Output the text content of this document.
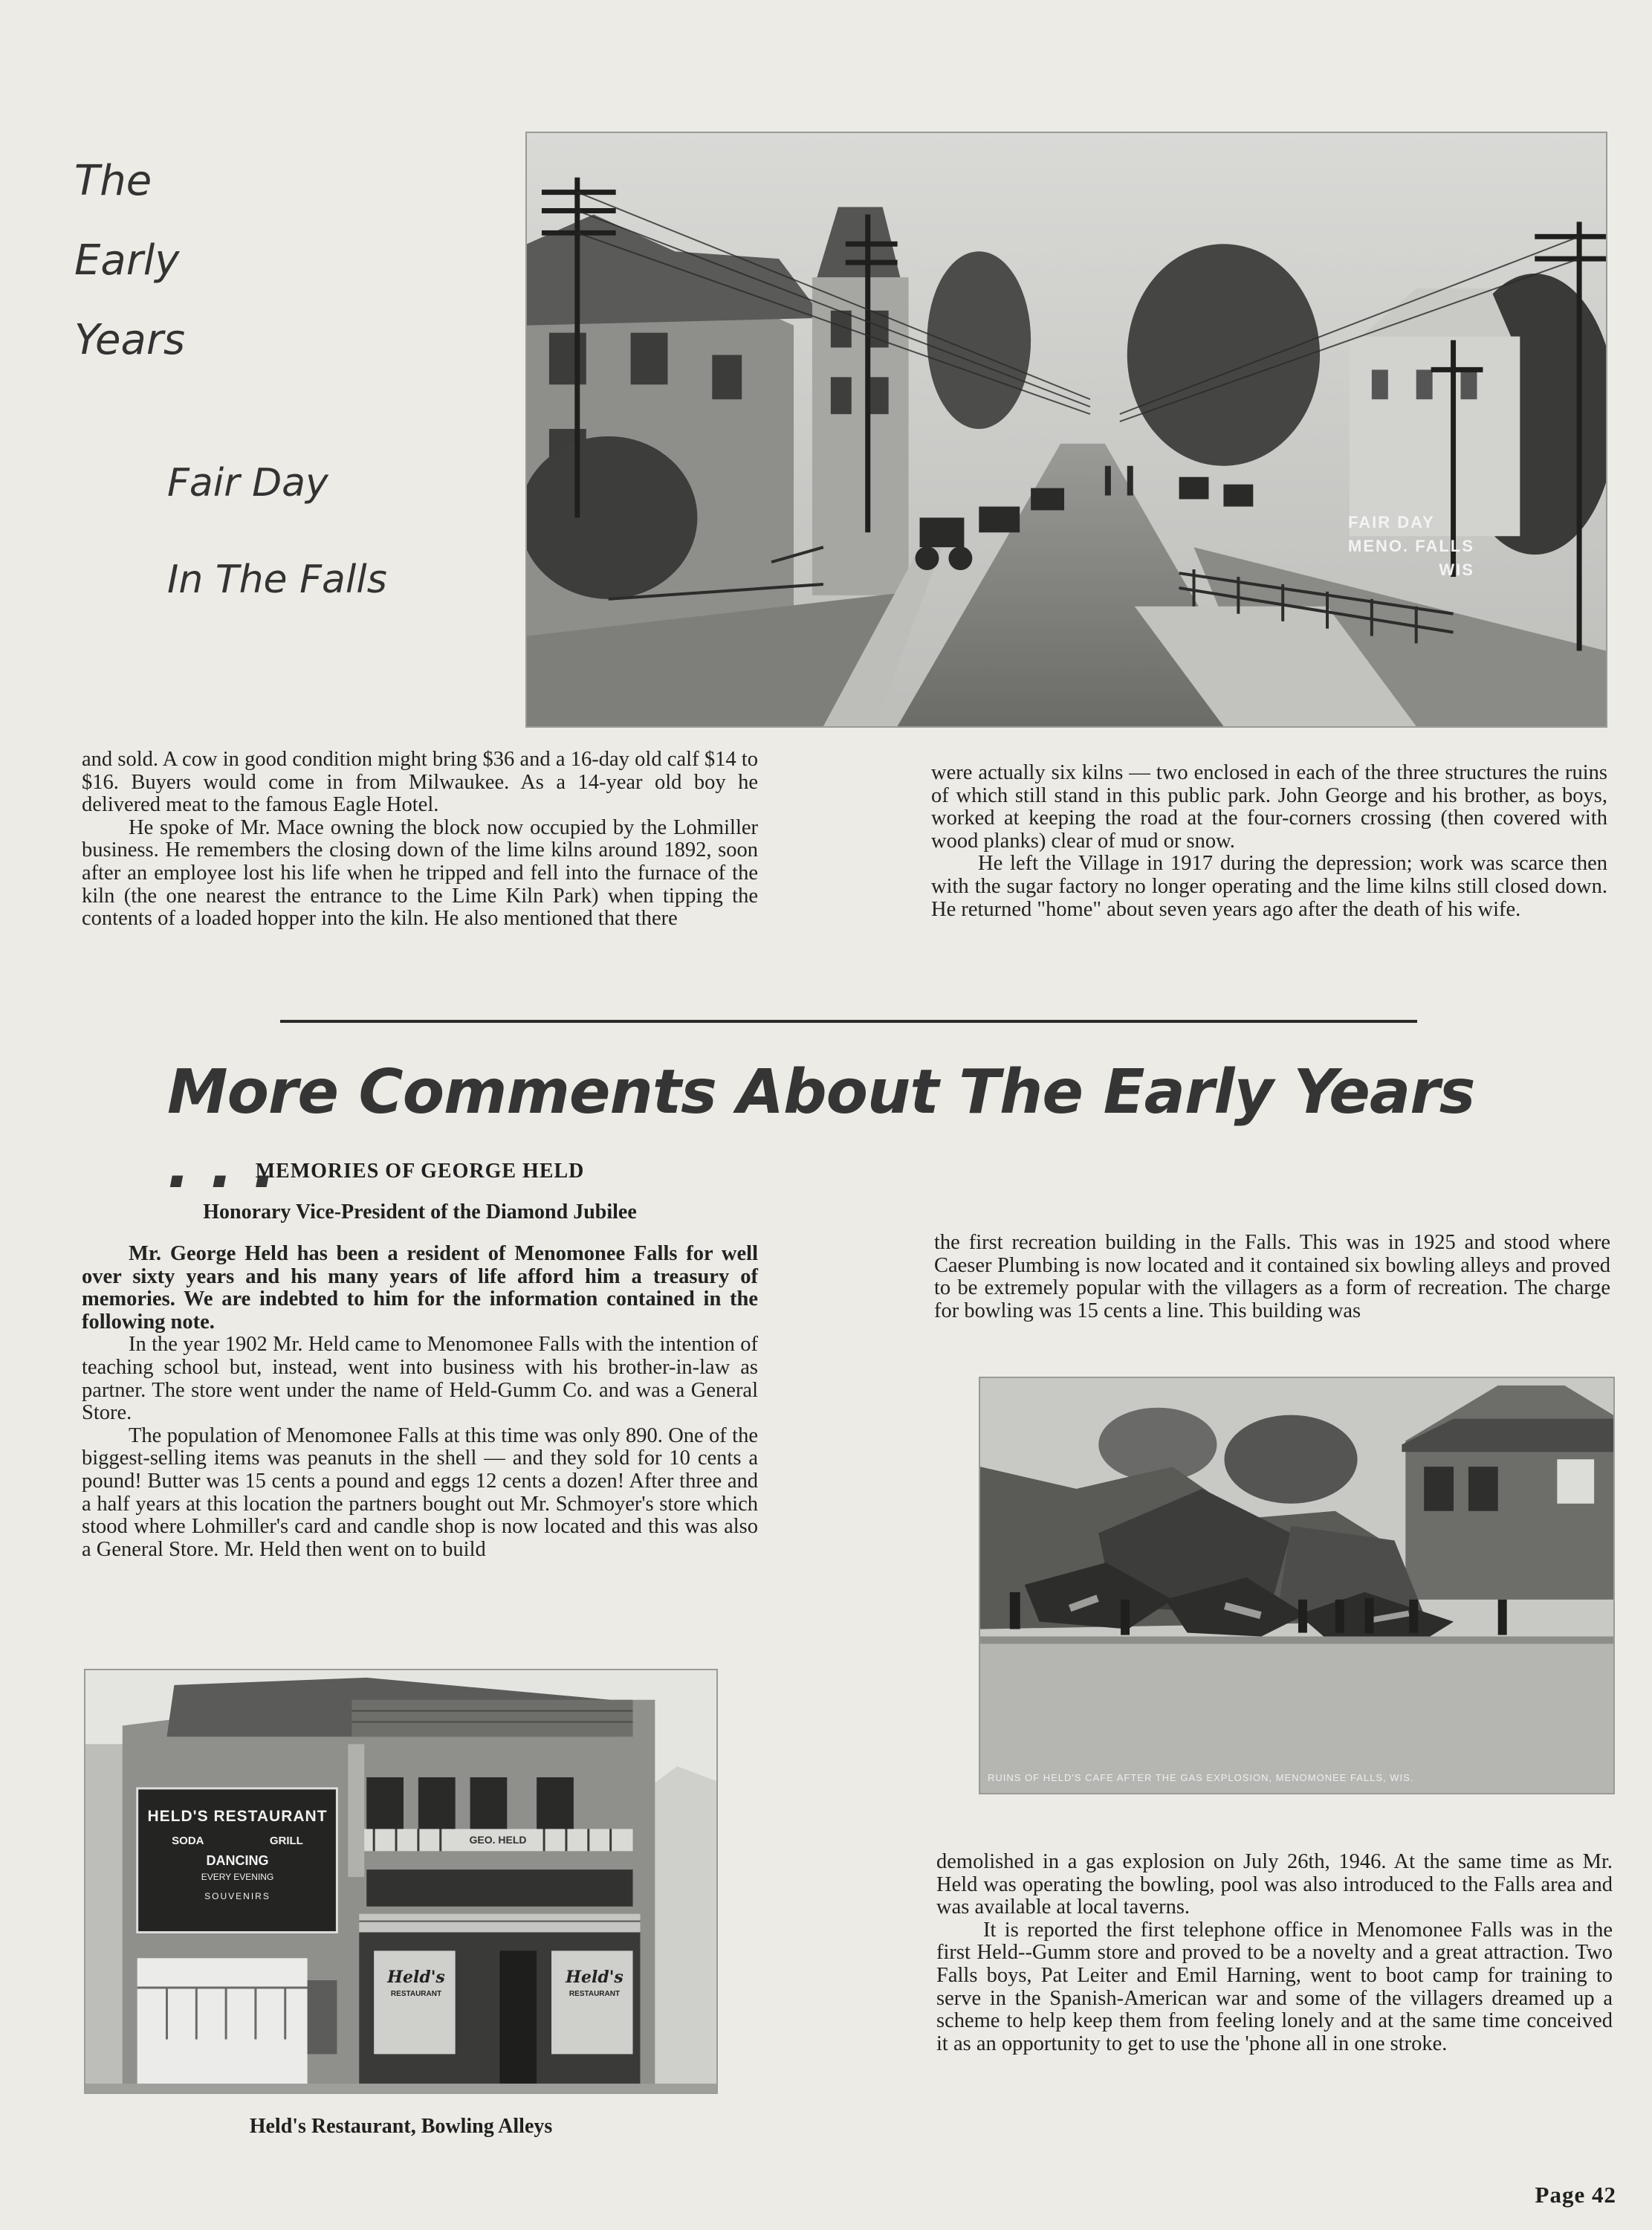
The
Early
Years
Fair Day
In The Falls
FAIR DAY
MENO. FALLS
WIS

and sold. A cow in good condition might bring $36 and a 16-day old calf $14 to $16. Buyers would come in from Milwaukee. As a 14-year old boy he delivered meat to the famous Eagle Hotel.

He spoke of Mr. Mace owning the block now occupied by the Lohmiller business. He remembers the closing down of the lime kilns around 1892, soon after an employee lost his life when he tripped and fell into the furnace of the kiln (the one nearest the entrance to the Lime Kiln Park) when tipping the contents of a loaded hopper into the kiln. He also mentioned that there

were actually six kilns — two enclosed in each of the three structures the ruins of which still stand in this public park. John George and his brother, as boys, worked at keeping the road at the four-corners crossing (then covered with wood planks) clear of mud or snow.

He left the Village in 1917 during the depression; work was scarce then with the sugar factory no longer operating and the lime kilns still closed down. He returned "home" about seven years ago after the death of his wife.

More Comments About The Early Years . . .
MEMORIES OF GEORGE HELD
Honorary Vice-President of the Diamond Jubilee

Mr. George Held has been a resident of Menomonee Falls for well over sixty years and his many years of life afford him a treasury of memories. We are indebted to him for the information contained in the following note.

In the year 1902 Mr. Held came to Menomonee Falls with the intention of teaching school but, instead, went into business with his brother-in-law as partner. The store went under the name of Held-Gumm Co. and was a General Store.

The population of Menomonee Falls at this time was only 890. One of the biggest-selling items was peanuts in the shell — and they sold for 10 cents a pound! Butter was 15 cents a pound and eggs 12 cents a dozen! After three and a half years at this location the partners bought out Mr. Schmoyer's store which stood where Lohmiller's card and candle shop is now located and this was also a General Store. Mr. Held then went on to build

the first recreation building in the Falls. This was in 1925 and stood where Caeser Plumbing is now located and it contained six bowling alleys and proved to be extremely popular with the villagers as a form of recreation. The charge for bowling was 15 cents a line. This building was

RUINS OF HELD'S CAFE AFTER THE GAS EXPLOSION, MENOMONEE FALLS, WIS.

demolished in a gas explosion on July 26th, 1946. At the same time as Mr. Held was operating the bowling, pool was also introduced to the Falls area and was available at local taverns.

It is reported the first telephone office in Menomonee Falls was in the first Held--Gumm store and proved to be a novelty and a great attraction. Two Falls boys, Pat Leiter and Emil Harning, went to boot camp for training to serve in the Spanish-American war and some of the villagers dreamed up a scheme to help keep them from feeling lonely and at the same time conceived it as an opportunity to get to use the 'phone all in one stroke.

HELD'S RESTAURANT
SODA	GRILL
DANCING
EVERY EVENING
SOUVENIRS
GEO. HELD
Held's
RESTAURANT
Held's
RESTAURANT
Held's Restaurant, Bowling Alleys
Page 42
